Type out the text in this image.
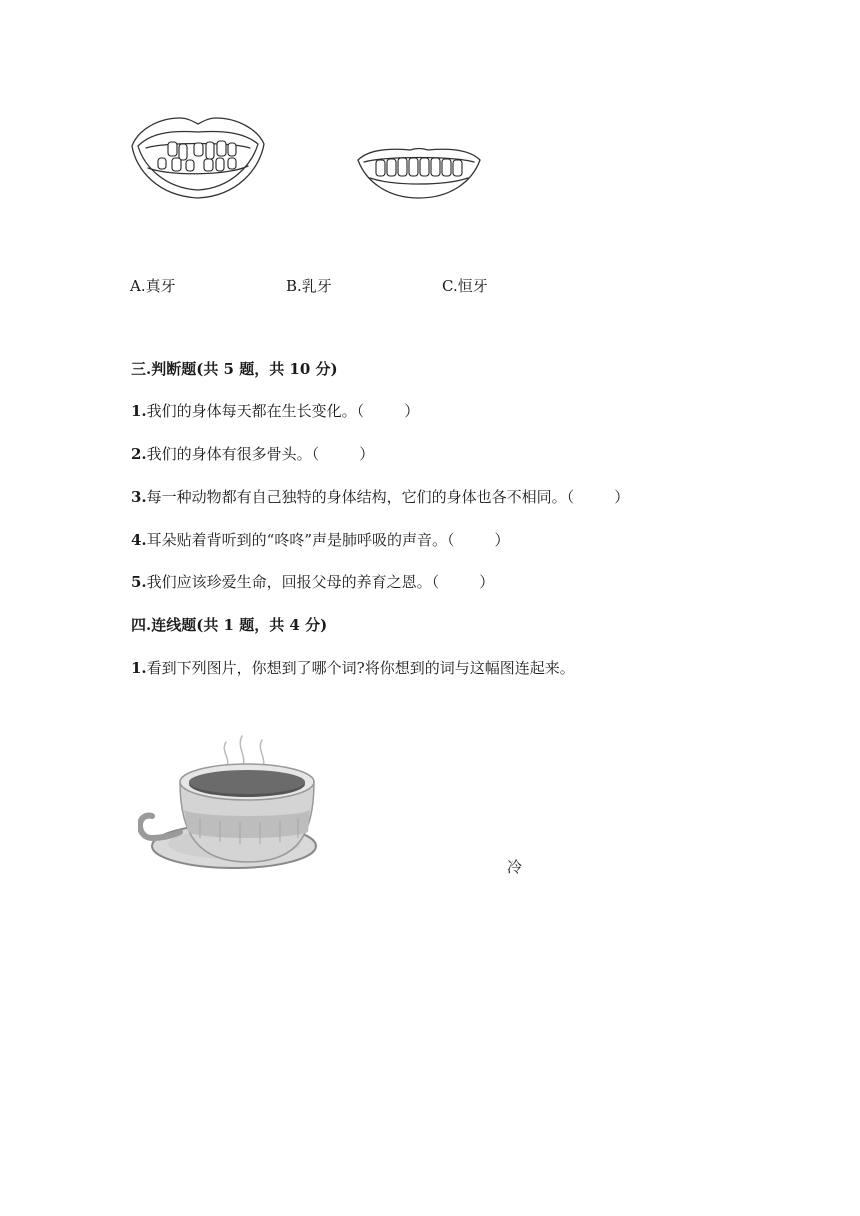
A.真牙	B.乳牙	C.恒牙
三.判断题(共 5 题，共 10 分)
1.我们的身体每天都在生长变化。（	）
2.我们的身体有很多骨头。（	）
3.每一种动物都有自己独特的身体结构，它们的身体也各不相同。（	）
4.耳朵贴着背听到的“咚咚”声是肺呼吸的声音。（	）
5.我们应该珍爱生命，回报父母的养育之恩。（	）
四.连线题(共 1 题，共 4 分)
1.看到下列图片，你想到了哪个词?将你想到的词与这幅图连起来。
冷
